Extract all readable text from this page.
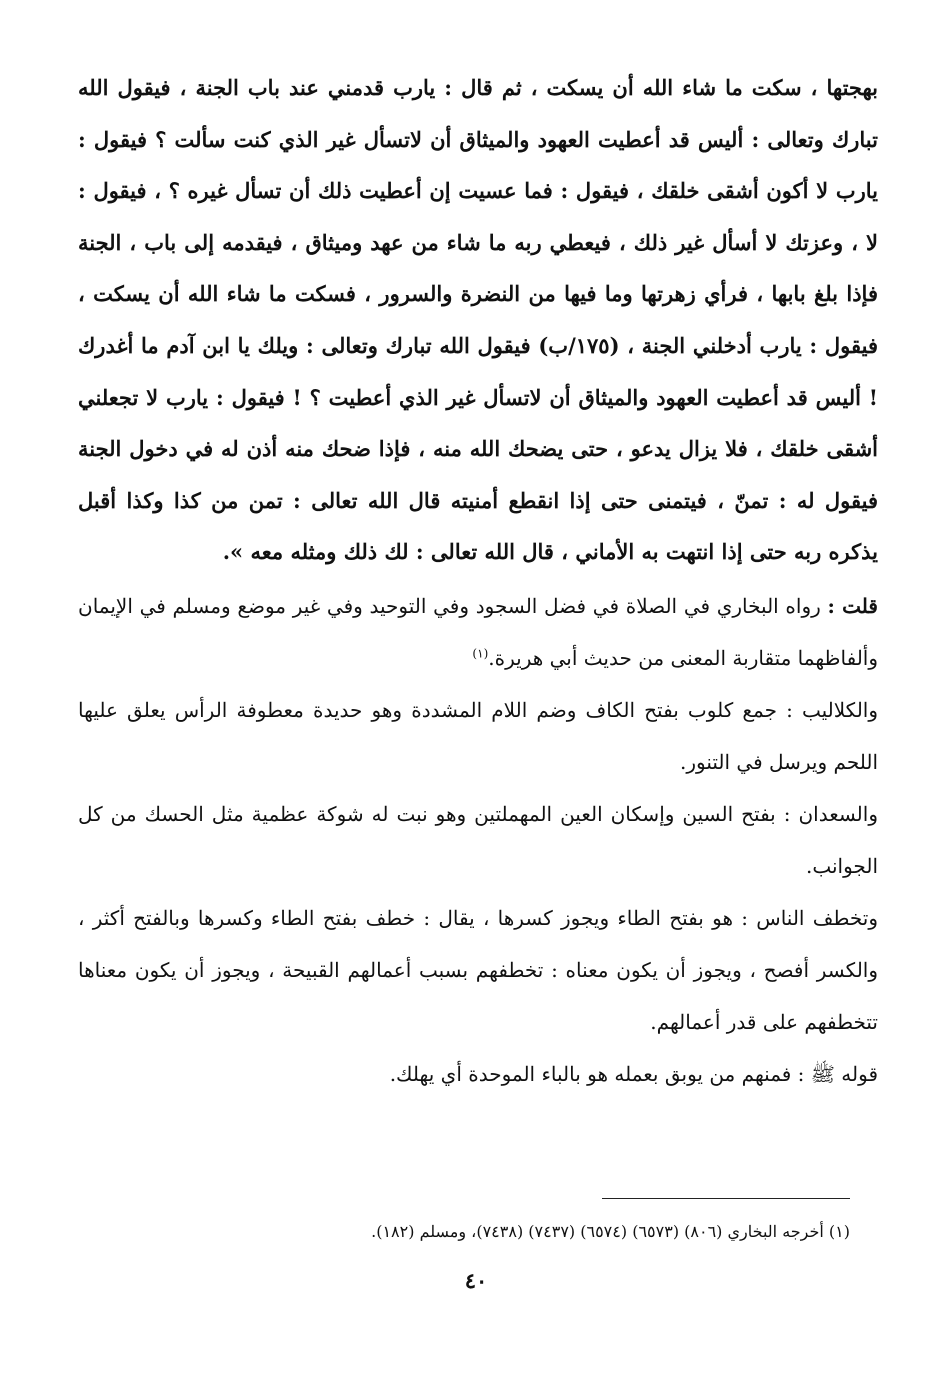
بهجتها ، سكت ما شاء الله أن يسكت ، ثم قال : يارب قدمني عند باب الجنة ، فيقول الله تبارك وتعالى : أليس قد أعطيت العهود والميثاق أن لاتسأل غير الذي كنت سألت ؟ فيقول : يارب لا أكون أشقى خلقك ، فيقول : فما عسيت إن أعطيت ذلك أن تسأل غيره ؟ ، فيقول : لا ، وعزتك لا أسأل غير ذلك ، فيعطي ربه ما شاء من عهد وميثاق ، فيقدمه إلى باب ، الجنة فإذا بلغ بابها ، فرأي زهرتها وما فيها من النضرة والسرور ، فسكت ما شاء الله أن يسكت ، فيقول : يارب أدخلني الجنة ، (١٧٥/ب) فيقول الله تبارك وتعالى : ويلك يا ابن آدم ما أغدرك ! أليس قد أعطيت العهود والميثاق أن لاتسأل غير الذي أعطيت ؟ ! فيقول : يارب لا تجعلني أشقى خلقك ، فلا يزال يدعو ، حتى يضحك الله منه ، فإذا ضحك منه أذن له في دخول الجنة فيقول له : تمنّ ، فيتمنى حتى إذا انقطع أمنيته قال الله تعالى : تمن من كذا وكذا أقبل يذكره ربه حتى إذا انتهت به الأماني ، قال الله تعالى : لك ذلك ومثله معه ».

قلت : رواه البخاري في الصلاة في فضل السجود وفي التوحيد وفي غير موضع ومسلم في الإيمان وألفاظهما متقاربة المعنى من حديث أبي هريرة.$^{(١)}$

والكلاليب : جمع كلوب بفتح الكاف وضم اللام المشددة وهو حديدة معطوفة الرأس يعلق عليها اللحم ويرسل في التنور.

والسعدان : بفتح السين وإسكان العين المهملتين وهو نبت له شوكة عظمية مثل الحسك من كل الجوانب.

وتخطف الناس : هو بفتح الطاء ويجوز كسرها ، يقال : خطف بفتح الطاء وكسرها وبالفتح أكثر ، والكسر أفصح ، ويجوز أن يكون معناه : تخطفهم بسبب أعمالهم القبيحة ، ويجوز أن يكون معناها تتخطفهم على قدر أعمالهم.

قوله ﷺ : فمنهم من يوبق بعمله هو بالباء الموحدة أي يهلك.

(١) أخرجه البخاري (٨٠٦) (٦٥٧٣) (٦٥٧٤) (٧٤٣٧) (٧٤٣٨)، ومسلم (١٨٢).
٤٠
